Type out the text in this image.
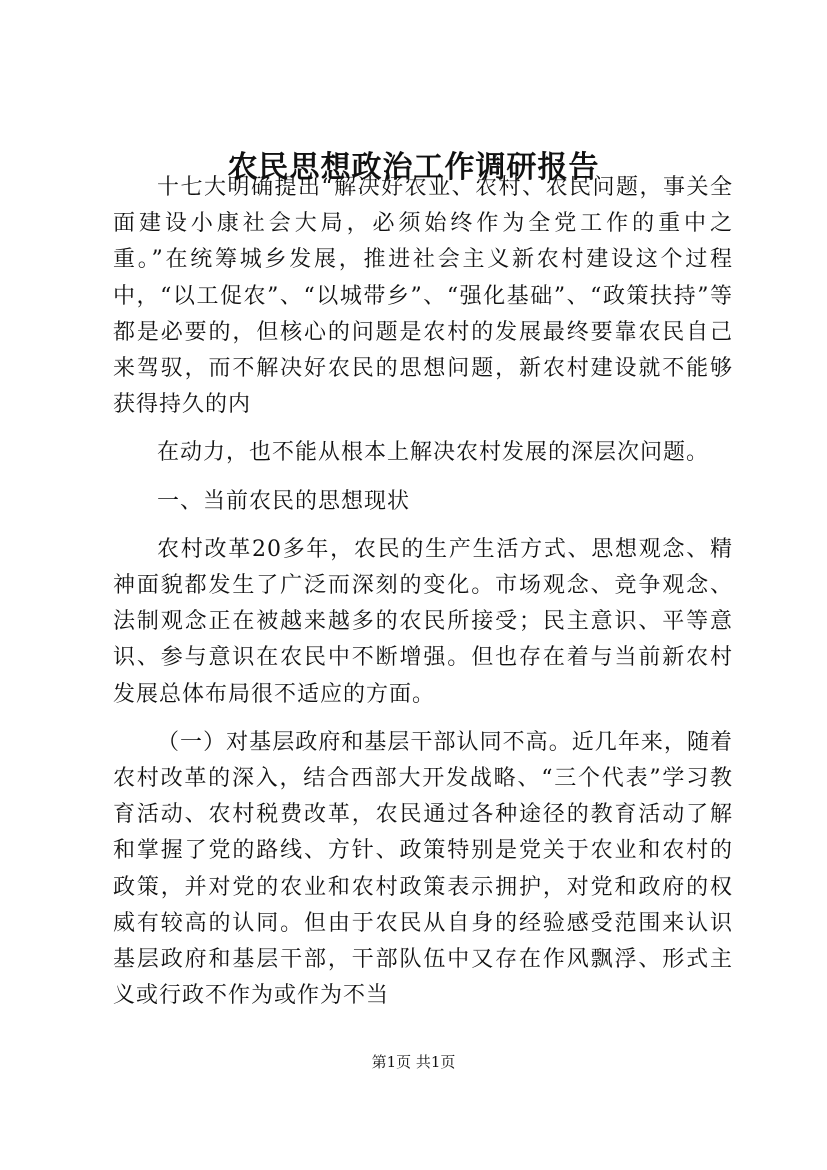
农民思想政治工作调研报告

十七大明确提出“解决好农业、农村、农民问题，事关全面建设小康社会大局，必须始终作为全党工作的重中之重。”在统筹城乡发展，推进社会主义新农村建设这个过程中，“以工促农”、“以城带乡”、“强化基础”、“政策扶持”等都是必要的，但核心的问题是农村的发展最终要靠农民自己来驾驭，而不解决好农民的思想问题，新农村建设就不能够获得持久的内

在动力，也不能从根本上解决农村发展的深层次问题。

一、当前农民的思想现状

农村改革20多年，农民的生产生活方式、思想观念、精神面貌都发生了广泛而深刻的变化。市场观念、竞争观念、法制观念正在被越来越多的农民所接受；民主意识、平等意识、参与意识在农民中不断增强。但也存在着与当前新农村发展总体布局很不适应的方面。

（一）对基层政府和基层干部认同不高。近几年来，随着农村改革的深入，结合西部大开发战略、“三个代表”学习教育活动、农村税费改革，农民通过各种途径的教育活动了解和掌握了党的路线、方针、政策特别是党关于农业和农村的政策，并对党的农业和农村政策表示拥护，对党和政府的权威有较高的认同。但由于农民从自身的经验感受范围来认识基层政府和基层干部，干部队伍中又存在作风飘浮、形式主义或行政不作为或作为不当

第1页 共1页
